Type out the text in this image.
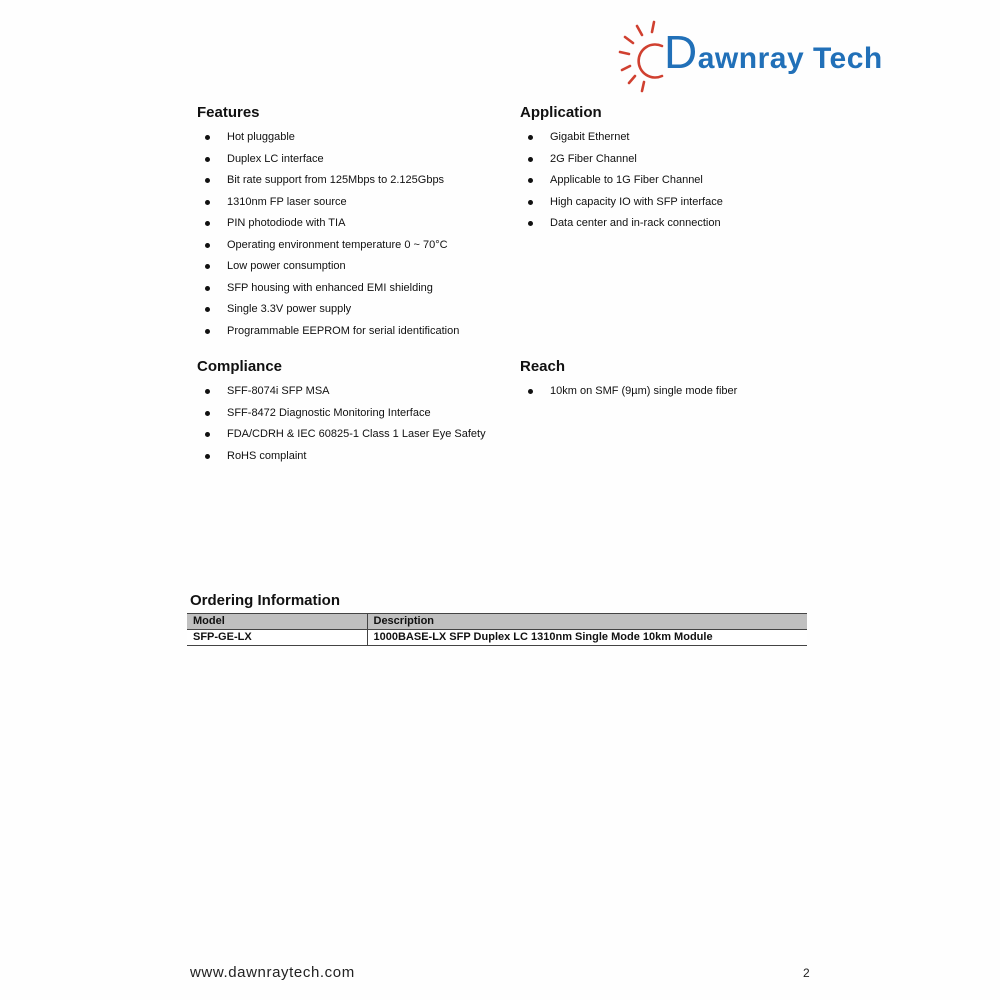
Dawnray Tech
Features
Hot pluggable
Duplex LC interface
Bit rate support from 125Mbps to 2.125Gbps
1310nm FP laser source
PIN photodiode with TIA
Operating environment temperature 0 ~ 70°C
Low power consumption
SFP housing with enhanced EMI shielding
Single 3.3V power supply
Programmable EEPROM for serial identification
Application
Gigabit Ethernet
2G Fiber Channel
Applicable to 1G Fiber Channel
High capacity IO with SFP interface
Data center and in-rack connection
Compliance
SFF-8074i SFP MSA
SFF-8472 Diagnostic Monitoring Interface
FDA/CDRH & IEC 60825-1 Class 1 Laser Eye Safety
RoHS complaint
Reach
10km on SMF (9µm) single mode fiber
Ordering Information
Model	Description
SFP-GE-LX	1000BASE-LX SFP Duplex LC 1310nm Single Mode 10km Module
www.dawnraytech.com	2
